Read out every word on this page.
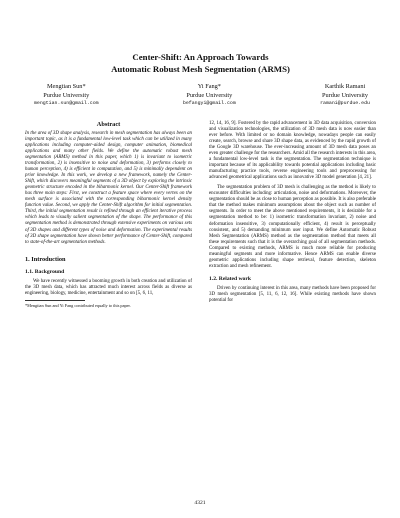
Center-Shift: An Approach Towards
Automatic Robust Mesh Segmentation (ARMS)
Mengtian Sun*
Purdue University
mengtian.sun@gmail.com
Yi Fang*
Purdue University
befangyi@gmail.com
Karthik Ramani
Purdue University
ramani@purdue.edu
Abstract

In the area of 3D shape analysis, research in mesh segmentation has always been an important topic, as it is a fundamental low-level task which can be utilized in many applications including computer-aided design, computer animation, biomedical applications and many other fields. We define the automatic robust mesh segmentation (ARMS) method in this paper, which 1) is invariant to isometric transformation, 2) is insensitive to noise and deformation, 3) performs closely to human perception, 4) is efficient in computation, and 5) is minimally dependent on prior knowledge. In this work, we develop a new framework, namely the Center-Shift, which discovers meaningful segments of a 3D object by exploring the intrinsic geometric structure encoded in the biharmonic kernel. Our Center-Shift framework has three main steps: First, we construct a feature space where every vertex on the mesh surface is associated with the corresponding biharmonic kernel density function value. Second, we apply the Center-Shift algorithm for initial segmentation. Third, the initial segmentation result is refined through an efficient iterative process which leads to visually salient segmentation of the shape. The performance of this segmentation method is demonstrated through extensive experiments on various sets of 3D shapes and different types of noise and deformation. The experimental results of 3D shape segmentation have shown better performance of Center-Shift, compared to state-of-the-art segmentation methods.

1. Introduction
1.1. Background

We have recently witnessed a booming growth in both creation and utilization of the 3D mesh data, which has attracted much interest across fields as diverse as engineering, biology, medicine, entertainment and so on [5, 6, 11,

*Mengtian Sun and Yi Fang contributed equally to this paper.

12, 14, 16, 9]. Fostered by the rapid advancement in 3D data acquisition, conversion and visualization technologies, the utilization of 3D mesh data is now easier than ever before. With limited or no domain knowledge, nowadays people can easily create, search, browse and share 3D shape data, as evidenced by the rapid growth of the Google 3D warehouse. The ever-increasing amount of 3D mesh data poses an even greater challenge for the researchers. Amid all the research interests in this area, a fundamental low-level task is the segmentation. The segmentation technique is important because of its applicability towards potential applications including basic manufacturing practice tools, reverse engineering tools and preprocessing for advanced geometrical applications such as innovative 3D model generation [4, 21].

The segmentation problem of 3D mesh is challenging as the method is likely to encounter difficulties including: articulation, noise and deformations. Moreover, the segmentation should be as close to human perception as possible. It is also preferable that the method makes minimum assumptions about the object such as number of segments. In order to meet the above mentioned requirements, it is desirable for a segmentation method to be: 1) isometric transformation invariant, 2) noise and deformation insensitive, 3) computationally efficient, 4) result is perceptually consistent, and 5) demanding minimum user input. We define Automatic Robust Mesh Segmentation (ARMS) method as the segmentation method that meets all these requirements such that it is the overarching goal of all segmentation methods. Compared to existing methods, ARMS is much more reliable for producing meaningful segments and more informative. Hence ARMS can enable diverse geometric applications including shape retrieval, feature detection, skeleton extraction and mesh refinement.

1.2. Related work

Driven by continuing interest in this area, many methods have been proposed for 3D mesh segmentation [5, 11, 6, 12, 16]. While existing methods have shown potential for

4321
